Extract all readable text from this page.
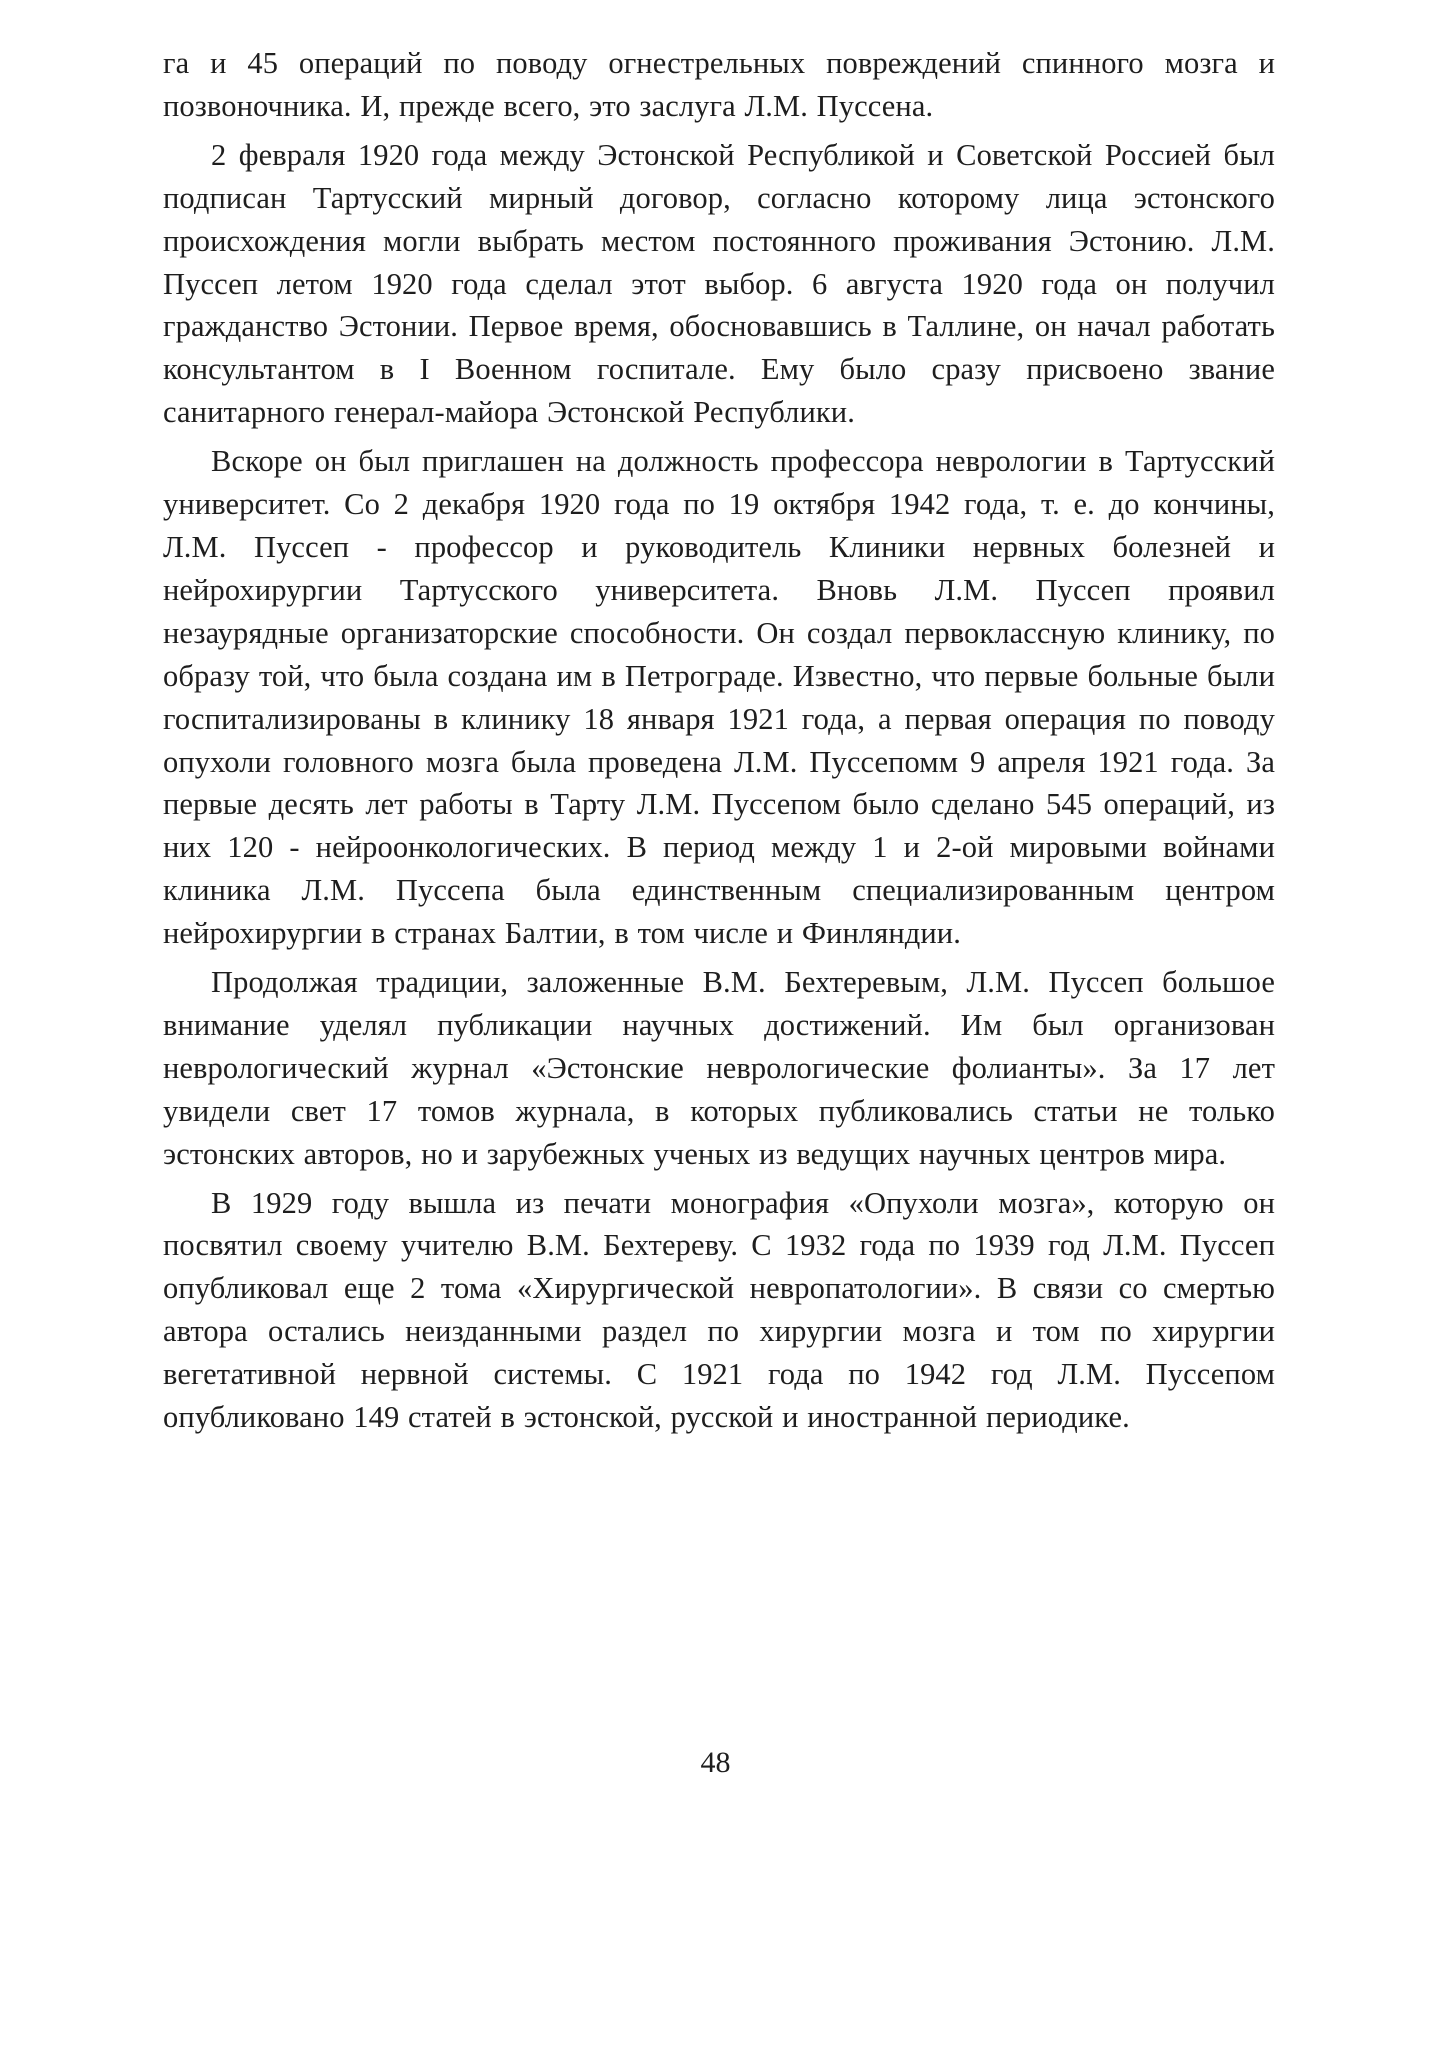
га и 45 операций по поводу огнестрельных повреждений спинного мозга и позвоночника. И, прежде всего, это заслуга Л.М. Пуссена.

2 февраля 1920 года между Эстонской Республикой и Советской Россией был подписан Тартусский мирный договор, согласно которому лица эстонского происхождения могли выбрать местом постоянного проживания Эстонию. Л.М. Пуссеп летом 1920 года сделал этот выбор. 6 августа 1920 года он получил гражданство Эстонии. Первое время, обосновавшись в Таллине, он начал работать консультантом в I Военном госпитале. Ему было сразу присвоено звание санитарного генерал-майора Эстонской Республики.

Вскоре он был приглашен на должность профессора неврологии в Тартусский университет. Со 2 декабря 1920 года по 19 октября 1942 года, т. е. до кончины, Л.М. Пуссеп - профессор и руководитель Клиники нервных болезней и нейрохирургии Тартусского университета. Вновь Л.М. Пуссеп проявил незаурядные организаторские способности. Он создал первоклассную клинику, по образу той, что была создана им в Петрограде. Известно, что первые больные были госпитализированы в клинику 18 января 1921 года, а первая операция по поводу опухоли головного мозга была проведена Л.М. Пуссепомм 9 апреля 1921 года. За первые десять лет работы в Тарту Л.М. Пуссепом было сделано 545 операций, из них 120 - нейроонкологических. В период между 1 и 2-ой мировыми войнами клиника Л.М. Пуссепа была единственным специализированным центром нейрохирургии в странах Балтии, в том числе и Финляндии.

Продолжая традиции, заложенные В.М. Бехтеревым, Л.М. Пуссеп большое внимание уделял публикации научных достижений. Им был организован неврологический журнал «Эстонские неврологические фолианты». За 17 лет увидели свет 17 томов журнала, в которых публиковались статьи не только эстонских авторов, но и зарубежных ученых из ведущих научных центров мира.

В 1929 году вышла из печати монография «Опухоли мозга», которую он посвятил своему учителю В.М. Бехтереву. С 1932 года по 1939 год Л.М. Пуссеп опубликовал еще 2 тома «Хирургической невропатологии». В связи со смертью автора остались неизданными раздел по хирургии мозга и том по хирургии вегетативной нервной системы. С 1921 года по 1942 год Л.М. Пуссепом опубликовано 149 статей в эстонской, русской и иностранной периодике.

48
